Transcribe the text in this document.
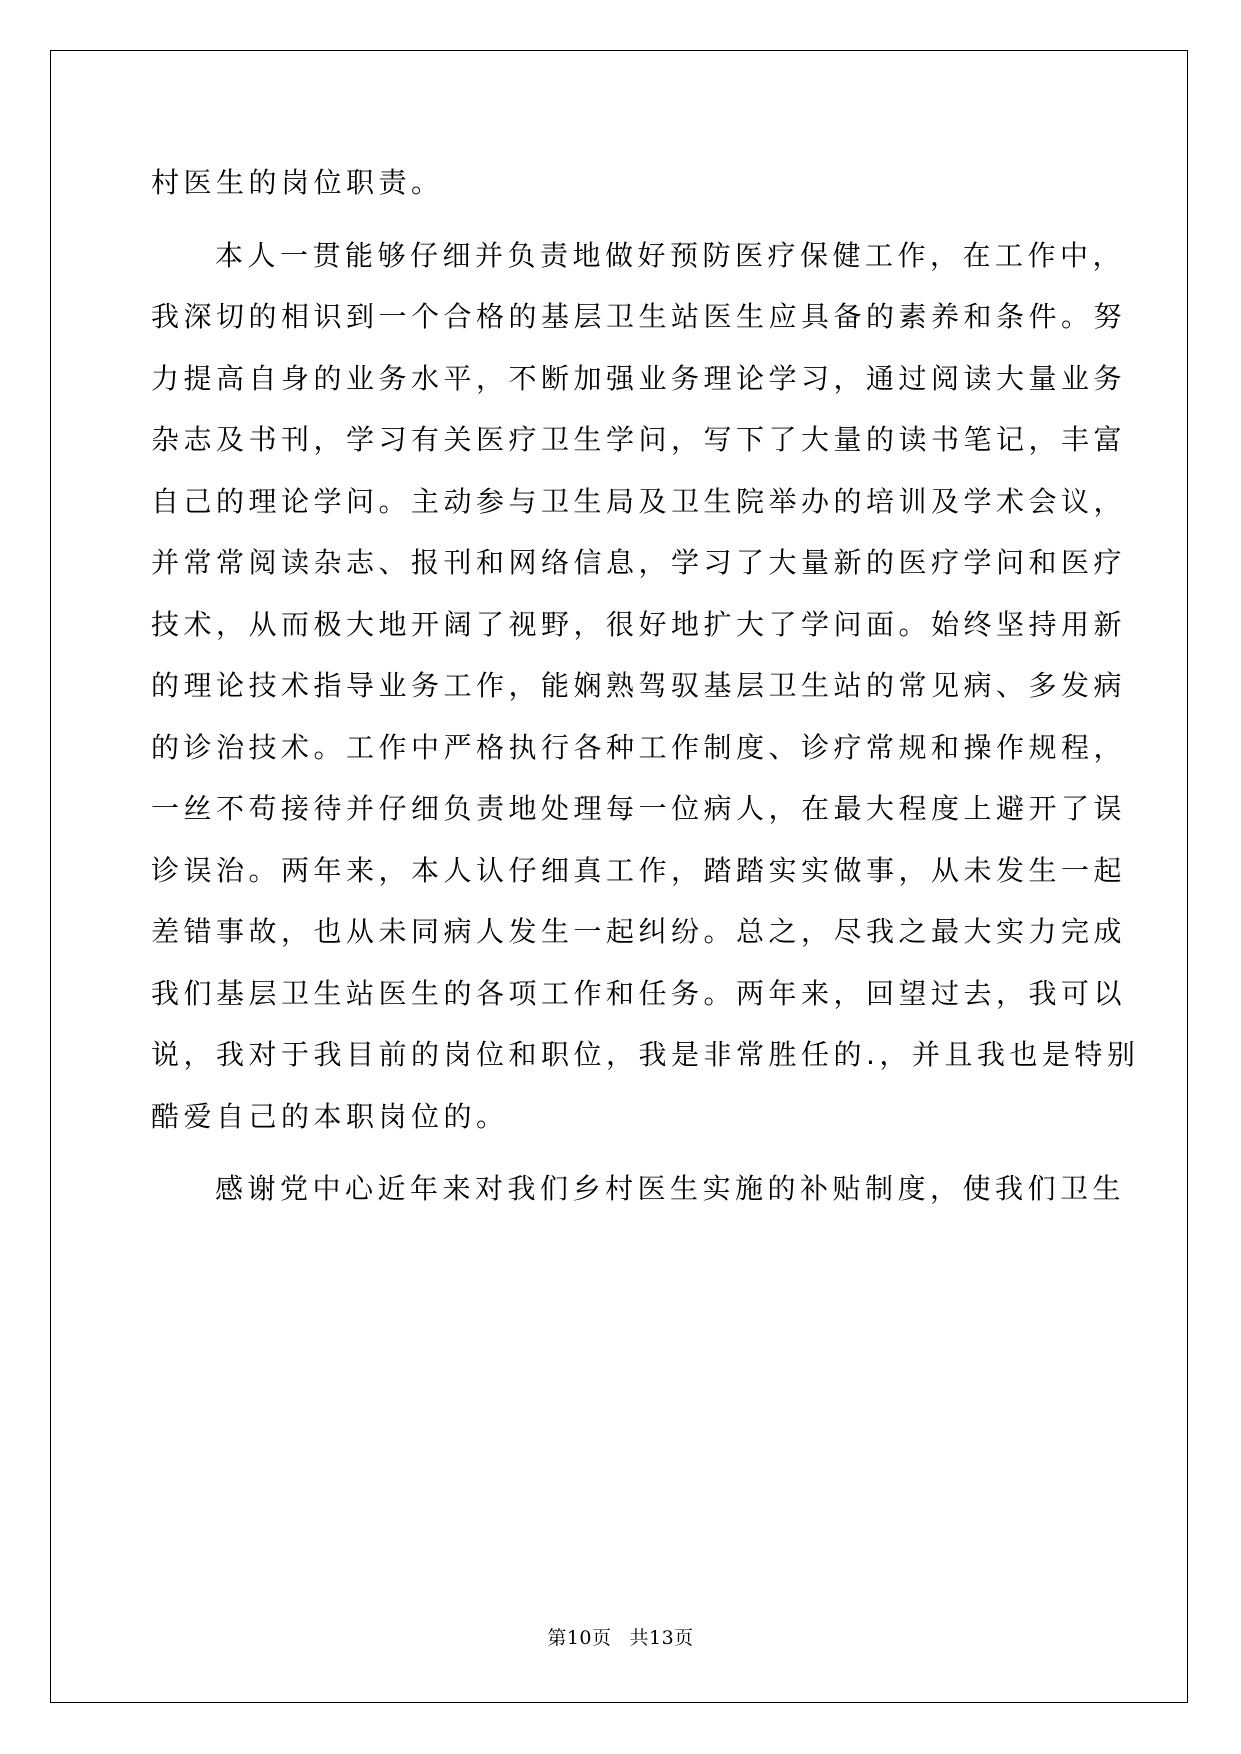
村医生的岗位职责。
本人一贯能够仔细并负责地做好预防医疗保健工作，在工作中，
我深切的相识到一个合格的基层卫生站医生应具备的素养和条件。努
力提高自身的业务水平，不断加强业务理论学习，通过阅读大量业务
杂志及书刊，学习有关医疗卫生学问，写下了大量的读书笔记，丰富
自己的理论学问。主动参与卫生局及卫生院举办的培训及学术会议，
并常常阅读杂志、报刊和网络信息，学习了大量新的医疗学问和医疗
技术，从而极大地开阔了视野，很好地扩大了学问面。始终坚持用新
的理论技术指导业务工作，能娴熟驾驭基层卫生站的常见病、多发病
的诊治技术。工作中严格执行各种工作制度、诊疗常规和操作规程，
一丝不苟接待并仔细负责地处理每一位病人，在最大程度上避开了误
诊误治。两年来，本人认仔细真工作，踏踏实实做事，从未发生一起
差错事故，也从未同病人发生一起纠纷。总之，尽我之最大实力完成
我们基层卫生站医生的各项工作和任务。两年来，回望过去，我可以
说，我对于我目前的岗位和职位，我是非常胜任的.，并且我也是特别
酷爱自己的本职岗位的。
感谢党中心近年来对我们乡村医生实施的补贴制度，使我们卫生
第10页 共13页
